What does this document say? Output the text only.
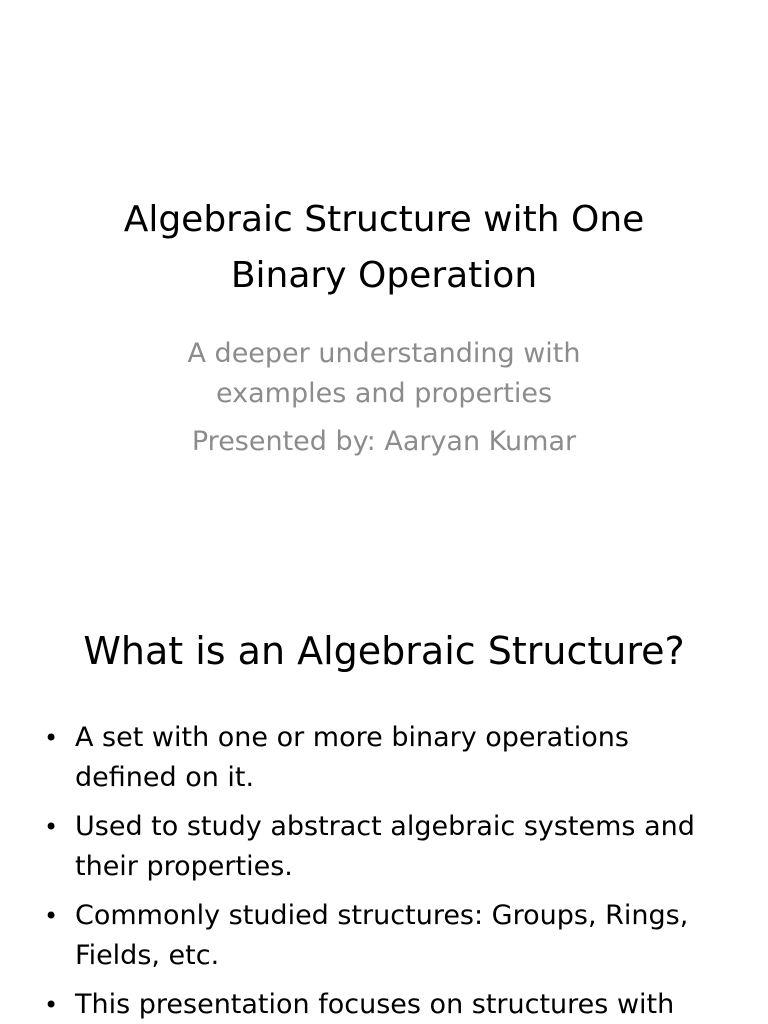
Algebraic Structure with One
Binary Operation

A deeper understanding with
examples and properties
Presented by: Aaryan Kumar

What is an Algebraic Structure?
• A set with one or more binary operations defined on it.
• Used to study abstract algebraic systems and their properties.
• Commonly studied structures: Groups, Rings, Fields, etc.
• This presentation focuses on structures with
